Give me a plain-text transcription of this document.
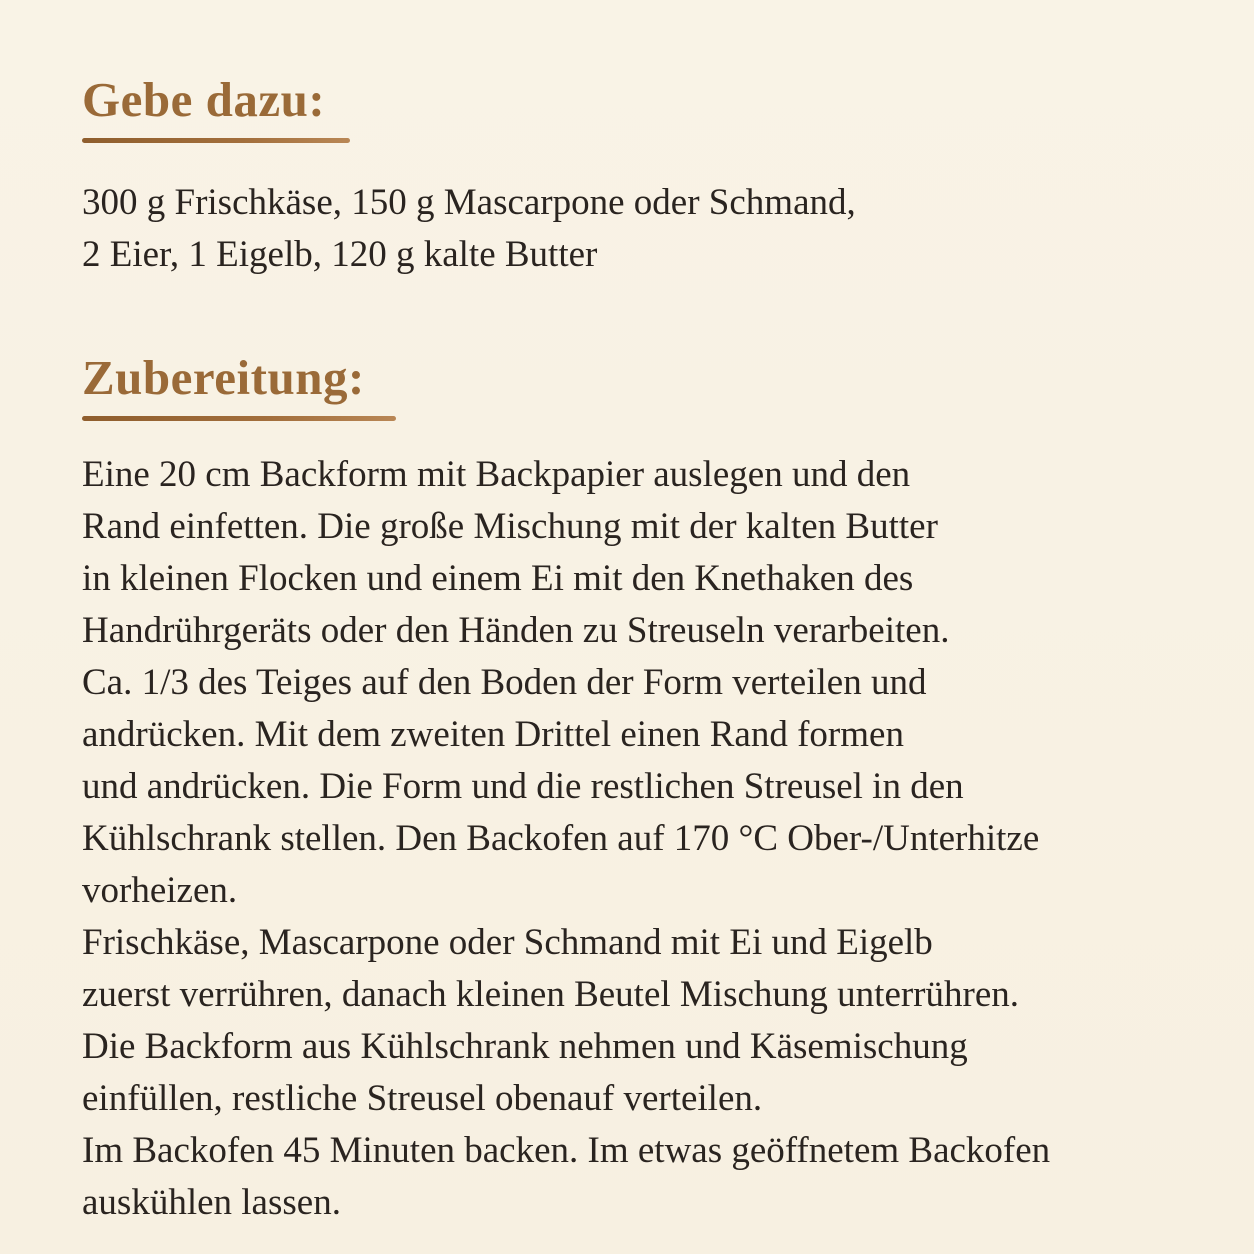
Gebe dazu:

300 g Frischkäse, 150 g Mascarpone oder Schmand,
2 Eier, 1 Eigelb, 120 g kalte Butter

Zubereitung:

Eine 20 cm Backform mit Backpapier auslegen und den
Rand einfetten. Die große Mischung mit der kalten Butter
in kleinen Flocken und einem Ei mit den Knethaken des
Handrührgeräts oder den Händen zu Streuseln verarbeiten.
Ca. 1/3 des Teiges auf den Boden der Form verteilen und
andrücken. Mit dem zweiten Drittel einen Rand formen
und andrücken. Die Form und die restlichen Streusel in den
Kühlschrank stellen. Den Backofen auf 170 °C Ober-/Unterhitze
vorheizen.
Frischkäse, Mascarpone oder Schmand mit Ei und Eigelb
zuerst verrühren, danach kleinen Beutel Mischung unterrühren.
Die Backform aus Kühlschrank nehmen und Käsemischung
einfüllen, restliche Streusel obenauf verteilen.
Im Backofen 45 Minuten backen. Im etwas geöffnetem Backofen
auskühlen lassen.
